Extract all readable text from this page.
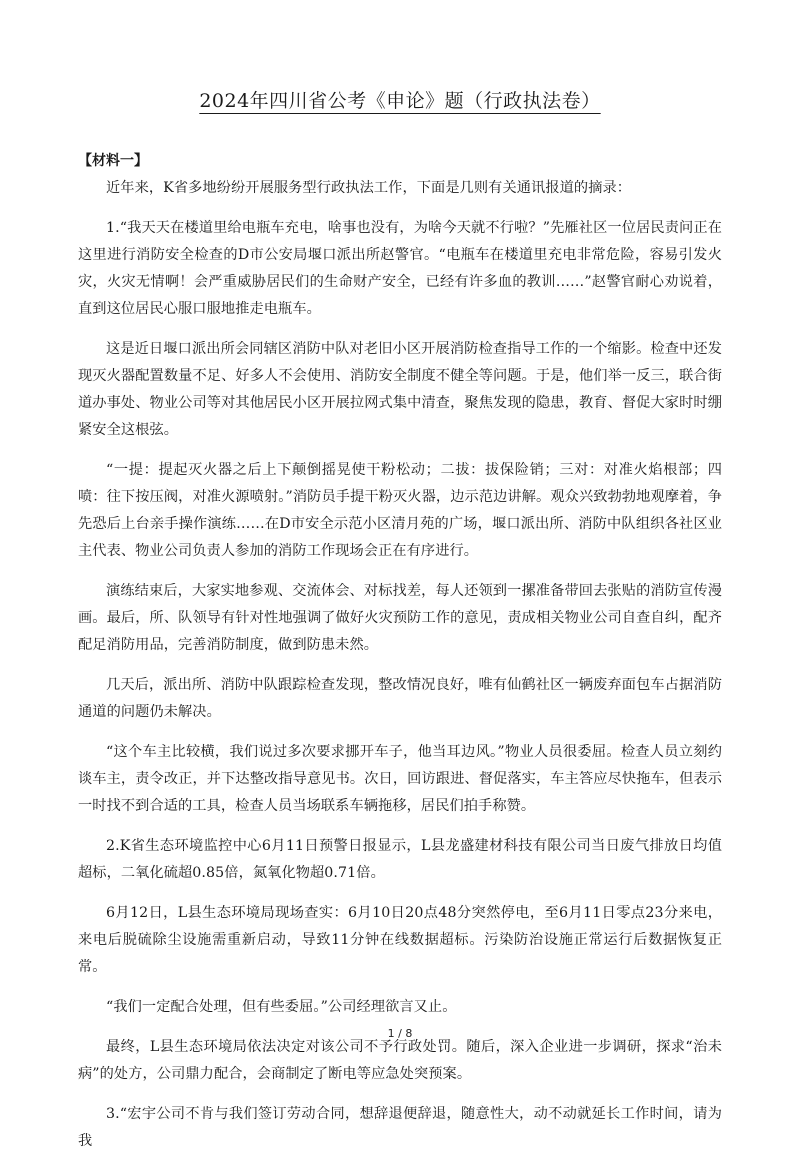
2024年四川省公考《申论》题（行政执法卷）
【材料一】

近年来，K省多地纷纷开展服务型行政执法工作，下面是几则有关通讯报道的摘录：

1.“我天天在楼道里给电瓶车充电，啥事也没有，为啥今天就不行啦？”先雁社区一位居民责问正在这里进行消防安全检查的D市公安局堰口派出所赵警官。“电瓶车在楼道里充电非常危险，容易引发火灾，火灾无情啊！会严重威胁居民们的生命财产安全，已经有许多血的教训……”赵警官耐心劝说着，直到这位居民心服口服地推走电瓶车。

这是近日堰口派出所会同辖区消防中队对老旧小区开展消防检查指导工作的一个缩影。检查中还发现灭火器配置数量不足、好多人不会使用、消防安全制度不健全等问题。于是，他们举一反三，联合街道办事处、物业公司等对其他居民小区开展拉网式集中清查，聚焦发现的隐患，教育、督促大家时时绷紧安全这根弦。

“一提：提起灭火器之后上下颠倒摇晃使干粉松动；二拔：拔保险销；三对：对准火焰根部；四喷：往下按压阀，对准火源喷射。”消防员手提干粉灭火器，边示范边讲解。观众兴致勃勃地观摩着，争先恐后上台亲手操作演练……在D市安全示范小区清月苑的广场，堰口派出所、消防中队组织各社区业主代表、物业公司负责人参加的消防工作现场会正在有序进行。

演练结束后，大家实地参观、交流体会、对标找差，每人还领到一摞准备带回去张贴的消防宣传漫画。最后，所、队领导有针对性地强调了做好火灾预防工作的意见，责成相关物业公司自查自纠，配齐配足消防用品，完善消防制度，做到防患未然。

几天后，派出所、消防中队跟踪检查发现，整改情况良好，唯有仙鹤社区一辆废弃面包车占据消防通道的问题仍未解决。

“这个车主比较横，我们说过多次要求挪开车子，他当耳边风。”物业人员很委屈。检查人员立刻约谈车主，责令改正，并下达整改指导意见书。次日，回访跟进、督促落实，车主答应尽快拖车，但表示一时找不到合适的工具，检查人员当场联系车辆拖移，居民们拍手称赞。

2.K省生态环境监控中心6月11日预警日报显示，L县龙盛建材科技有限公司当日废气排放日均值超标，二氧化硫超0.85倍，氮氧化物超0.71倍。

6月12日，L县生态环境局现场查实：6月10日20点48分突然停电，至6月11日零点23分来电，来电后脱硫除尘设施需重新启动，导致11分钟在线数据超标。污染防治设施正常运行后数据恢复正常。

“我们一定配合处理，但有些委屈。”公司经理欲言又止。

最终，L县生态环境局依法决定对该公司不予行政处罚。随后，深入企业进一步调研，探求“治未病”的处方，公司鼎力配合，会商制定了断电等应急处突预案。

3.“宏宇公司不肯与我们签订劳动合同，想辞退便辞退，随意性大，动不动就延长工作时间，请为我

1 / 8
